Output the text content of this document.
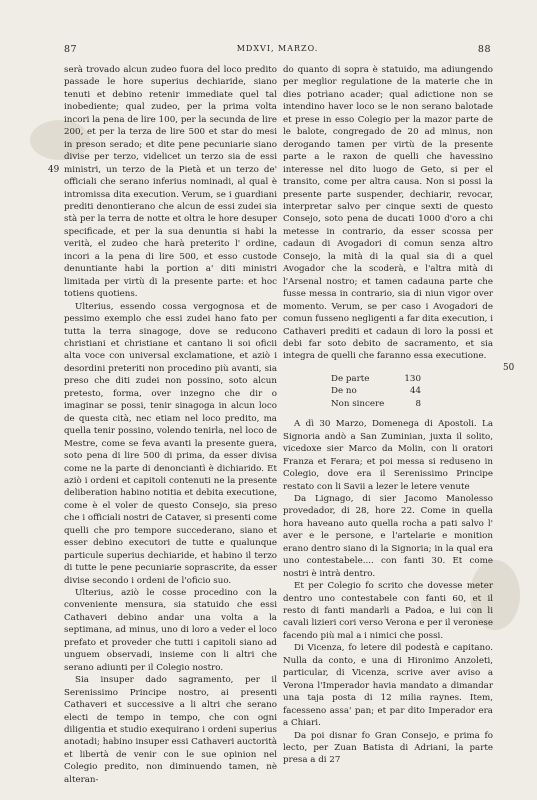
87	MDXVI, MARZO.	88
49
50

serà trovado alcun zudeo fuora del loco predito passade le hore superius dechiaride, siano tenuti et debino retenir immediate quel tal inobediente; qual zudeo, per la prima volta incori la pena de lire 100, per la secunda de lire 200, et per la terza de lire 500 et star do mesi in preson serado; et dite pene pecuniarie siano divise per terzo, videlicet un terzo sia de essi ministri, un terzo de la Pietà et un terzo de' officiali che serano inferius nominadi, al qual è intromissa dita execution. Verum, se i guardiani prediti denontierano che alcun de essi zudei sia stà per la terra de notte et oltra le hore desuper specificade, et per la sua denuntia si habi la verità, el zudeo che harà preterito l' ordine, incori a la pena di lire 500, et esso custode denuntiante habi la portion a' diti ministri limitada per virtù di la presente parte: et hoc totiens quotiens.

Ulterius, essendo cossa vergognosa et de pessimo exemplo che essi zudei hano fato per tutta la terra sinagoge, dove se reducono christiani et christiane et cantano li soi oficii alta voce con universal exclamatione, et aziò i desordini preteriti non procedino più avanti, sia preso che diti zudei non possino, soto alcun pretesto, forma, over inzegno che dir o imaginar se possi, tenir sinagoga in alcun loco de questa cità, nec etiam nel loco predito, ma quella tenir possino, volendo tenirla, nel loco de Mestre, come se feva avanti la presente guera, soto pena di lire 500 di prima, da esser divisa come ne la parte di denonciantì è dichiarido. Et aziò i ordeni et capitoli contenuti ne la presente deliberation habino notitia et debita executione, come è el voler de questo Consejo, sia preso che i officiali nostri de Cataver, si presenti come quelli che pro tempore succederano, siano et esser debino executori de tutte e qualunque particule superius dechiaride, et habino il terzo di tutte le pene pecuniarie soprascrite, da esser divise secondo i ordeni de l'oficio suo.

Ulterius, aziò le cosse procedino con la conveniente mensura, sia statuido che essi Cathaveri debino andar una volta a la septimana, ad minus, uno di loro a veder el loco prefato et proveder che tutti i capitoli siano ad unguem observadi, insieme con li altri che serano adiunti per il Colegio nostro.

Sia insuper dado sagramento, per il Serenissimo Principe nostro, ai presenti Cathaveri et successive a li altri che serano electi de tempo in tempo, che con ogni diligentia et studio exequirano i ordeni superius anotadi; habino insuper essi Cathaveri auctorità et libertà de venir con le sue opinion nel Colegio predito, non diminuendo tamen, nè alteran-

do quanto di sopra è statuido, ma adiungendo per meglior regulatione de la materie che in dies potrìano acader; qual adictione non se intendino haver loco se le non serano balotade et prese in esso Colegio per la mazor parte de le balote, congregado de 20 ad minus, non derogando tamen per virtù de la presente parte a le raxon de quelli che havessino interesse nel dito luogo de Geto, si per el transito, come per altra causa. Non si possi la presente parte suspender, dechiarir, revocar, interpretar salvo per cinque sexti de questo Consejo, soto pena de ducati 1000 d'oro a chi metesse in contrario, da esser scossa per cadaun di Avogadori di comun senza altro Consejo, la mità di la qual sia di a quel Avogador che la scoderà, e l'altra mità di l'Arsenal nostro; et tamen cadauna parte che fusse messa in contrario, sia di niun vigor over momento. Verum, se per caso i Avogadori de comun fusseno negligenti a far dita execution, i Cathaveri prediti et cadaun di loro la possi et debi far soto debito de sacramento, et sia integra de quelli che faranno essa executione.

De parte	130
De no	44
Non sincere	8

A dì 30 Marzo, Domenega di Apostoli. La Signoria andò a San Zuminian, juxta il solito, vicedoxe sier Marco da Molin, con li oratori Franza et Ferara; et poi messa si reduseno in Colegio, dove era il Serenissimo Principe restato con li Savii a lezer le letere venute

Da Lignago, di sier Jacomo Manolesso provedador, di 28, hore 22. Come in quella hora haveano auto quella rocha a pati salvo l' aver e le persone, e l'artelarie e monition erano dentro siano di la Signoria; in la qual era uno contestabele.... con fanti 30. Et come nostri è intrà dentro.

Et per Colegio fo scrito che dovesse meter dentro uno contestabele con fanti 60, et il resto di fanti mandarli a Padoa, e lui con li cavali lizieri cori verso Verona e per il veronese facendo più mal a i nimici che possi.

Di Vicenza, fo letere dil podestà e capitano. Nulla da conto, e una di Hironimo Anzoleti, particular, di Vicenza, scrive aver aviso a Verona l'Imperador havia mandato a dimandar una taja posta di 12 milia raynes. Item, facesseno assa' pan; et par dito Imperador era a Chiari.

Da poi disnar fo Gran Consejo, e prima fo lecto, per Zuan Batista di Adriani, la parte presa a di 27
